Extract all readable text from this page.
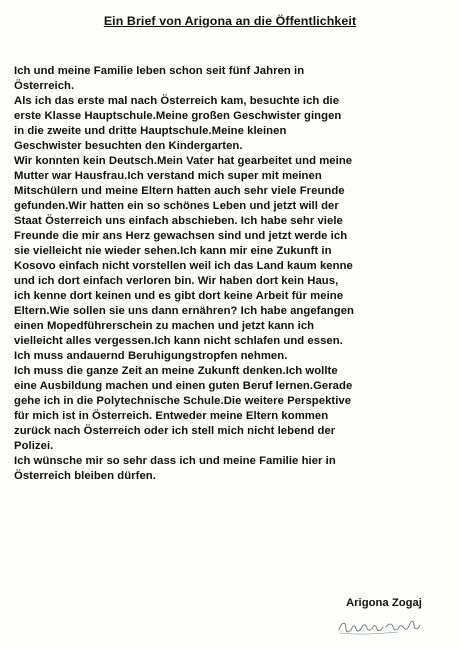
Ein Brief von Arigona an die Öffentlichkeit
Ich und meine Familie leben schon seit fünf Jahren in
Österreich.
Als ich das erste mal nach Österreich kam, besuchte ich die
erste Klasse Hauptschule.Meine großen Geschwister gingen
in die zweite und dritte Hauptschule.Meine kleinen
Geschwister besuchten den Kindergarten.
Wir konnten kein Deutsch.Mein Vater hat gearbeitet und meine
Mutter war Hausfrau.Ich verstand mich super mit meinen
Mitschülern und meine Eltern hatten auch sehr viele Freunde
gefunden.Wir hatten ein so schönes Leben und jetzt will der
Staat Österreich uns einfach abschieben. Ich habe sehr viele
Freunde die mir ans Herz gewachsen sind und jetzt werde ich
sie vielleicht nie wieder sehen.Ich kann mir eine Zukunft in
Kosovo einfach nicht vorstellen weil ich das Land kaum kenne
und ich dort einfach verloren bin. Wir haben dort kein Haus,
ich kenne dort keinen und es gibt dort keine Arbeit für meine
Eltern.Wie sollen sie uns dann ernähren? Ich habe angefangen
einen Mopedführerschein zu machen und jetzt kann ich
vielleicht alles vergessen.Ich kann nicht schlafen und essen.
Ich muss andauernd Beruhigungstropfen nehmen.
Ich muss die ganze Zeit an meine Zukunft denken.Ich wollte
eine Ausbildung machen und einen guten Beruf lernen.Gerade
gehe ich in die Polytechnische Schule.Die weitere Perspektive
für mich ist in Österreich. Entweder meine Eltern kommen
zurück nach Österreich oder ich stell mich nicht lebend der
Polizei.
Ich wünsche mir so sehr dass ich und meine Familie hier in
Österreich bleiben dürfen.
Arigona Zogaj
